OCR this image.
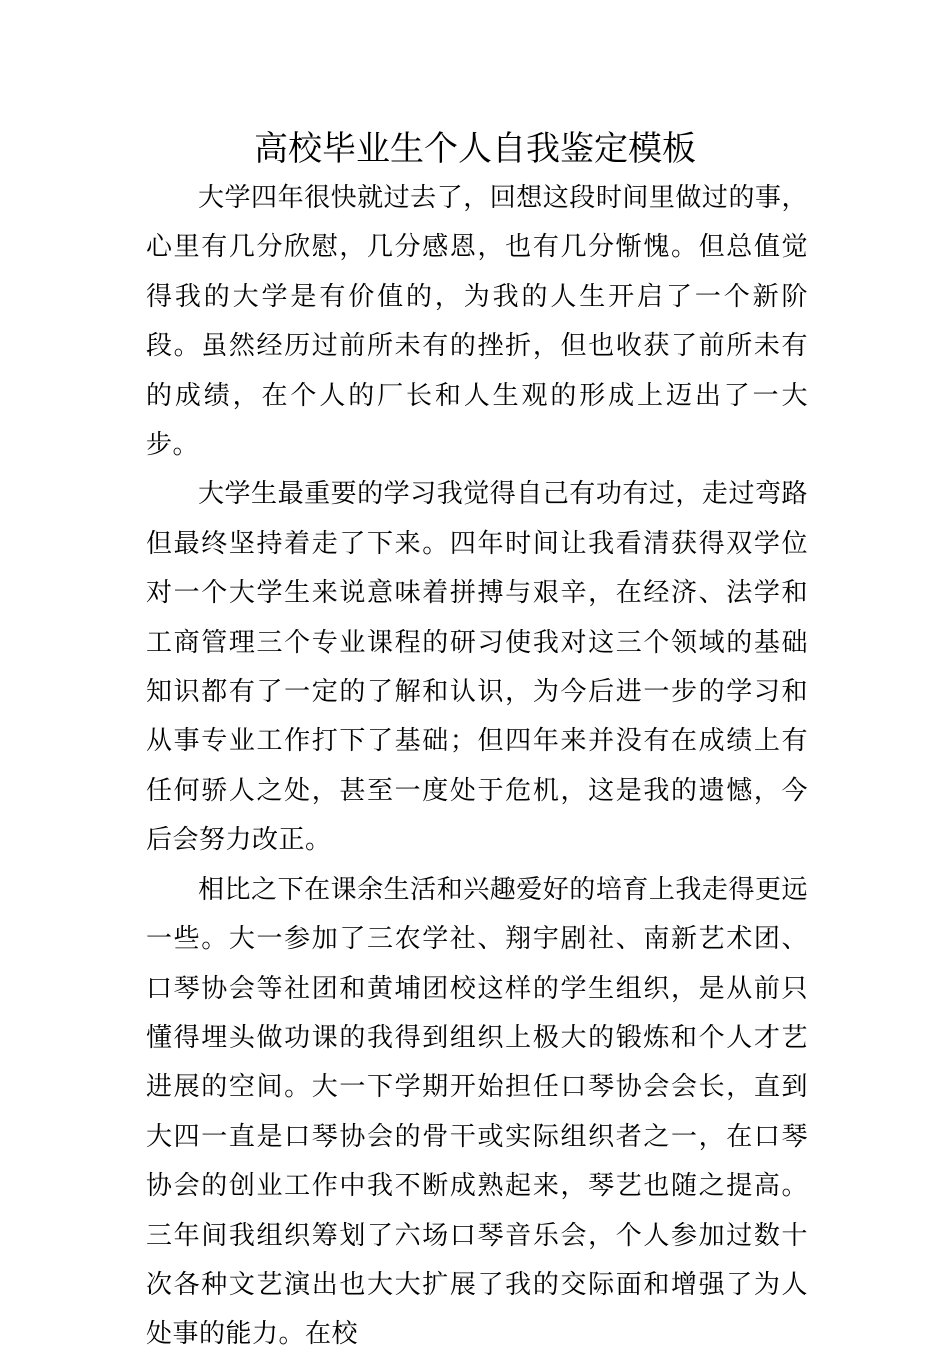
高校毕业生个人自我鉴定模板

大学四年很快就过去了，回想这段时间里做过的事，心里有几分欣慰，几分感恩，也有几分惭愧。但总值觉得我的大学是有价值的，为我的人生开启了一个新阶段。虽然经历过前所未有的挫折，但也收获了前所未有的成绩，在个人的厂长和人生观的形成上迈出了一大步。

大学生最重要的学习我觉得自己有功有过，走过弯路但最终坚持着走了下来。四年时间让我看清获得双学位对一个大学生来说意味着拼搏与艰辛，在经济、法学和工商管理三个专业课程的研习使我对这三个领域的基础知识都有了一定的了解和认识，为今后进一步的学习和从事专业工作打下了基础；但四年来并没有在成绩上有任何骄人之处，甚至一度处于危机，这是我的遗憾，今后会努力改正。

相比之下在课余生活和兴趣爱好的培育上我走得更远一些。大一参加了三农学社、翔宇剧社、南新艺术团、口琴协会等社团和黄埔团校这样的学生组织，是从前只懂得埋头做功课的我得到组织上极大的锻炼和个人才艺进展的空间。大一下学期开始担任口琴协会会长，直到大四一直是口琴协会的骨干或实际组织者之一，在口琴协会的创业工作中我不断成熟起来，琴艺也随之提高。三年间我组织筹划了六场口琴音乐会，个人参加过数十次各种文艺演出也大大扩展了我的交际面和增强了为人处事的能力。在校
